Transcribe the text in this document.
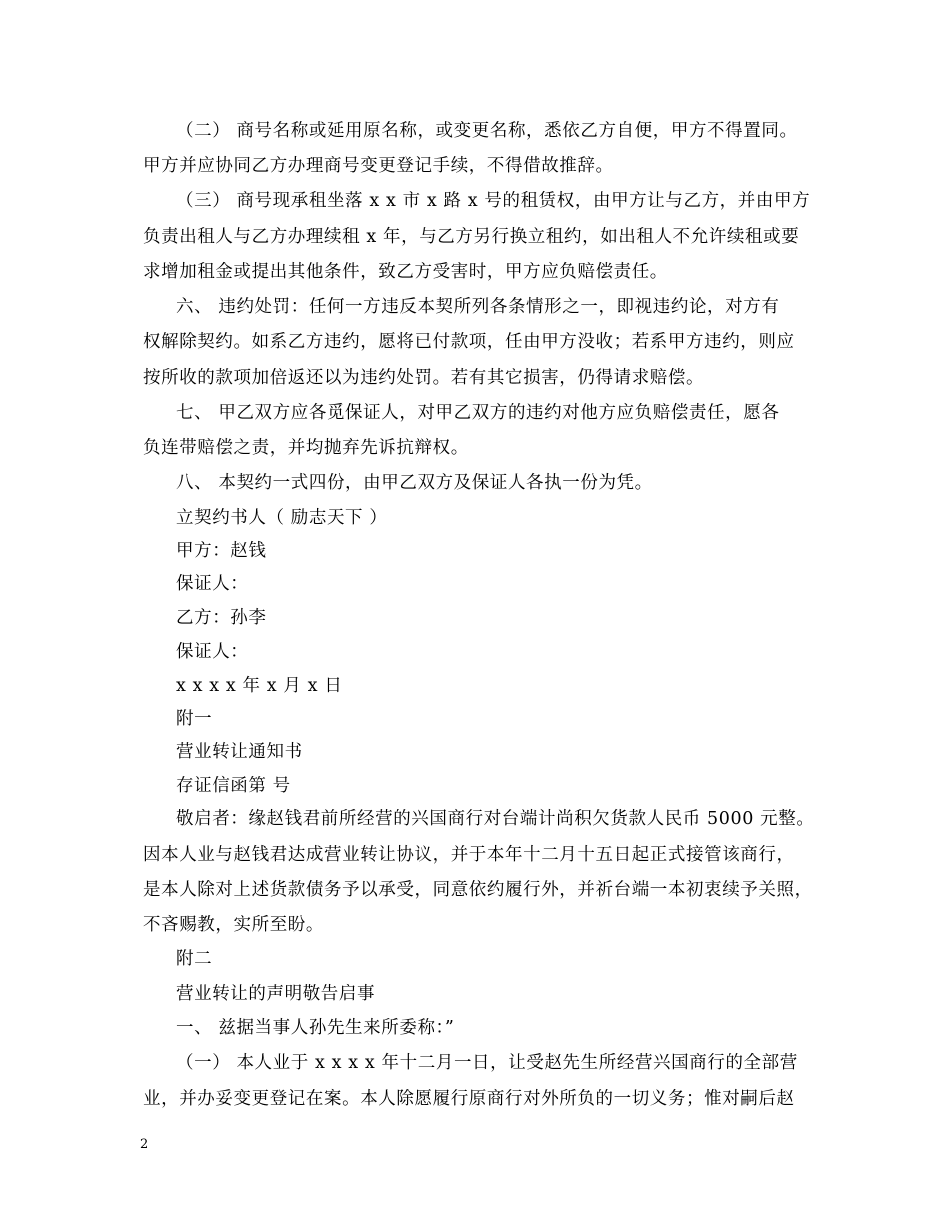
（二） 商号名称或延用原名称，或变更名称，悉依乙方自便，甲方不得置同。
甲方并应协同乙方办理商号变更登记手续，不得借故推辞。
（三） 商号现承租坐落 x x 市 x 路 x 号的租赁权，由甲方让与乙方，并由甲方
负责出租人与乙方办理续租 x 年，与乙方另行换立租约，如出租人不允许续租或要
求增加租金或提出其他条件，致乙方受害时，甲方应负赔偿责任。
六、 违约处罚：任何一方违反本契所列各条情形之一，即视违约论，对方有
权解除契约。如系乙方违约，愿将已付款项，任由甲方没收；若系甲方违约，则应
按所收的款项加倍返还以为违约处罚。若有其它损害，仍得请求赔偿。
七、 甲乙双方应各觅保证人，对甲乙双方的违约对他方应负赔偿责任，愿各
负连带赔偿之责，并均抛弃先诉抗辩权。
八、 本契约一式四份，由甲乙双方及保证人各执一份为凭。
立契约书人（ 励志天下 ）
甲方：赵钱
保证人：
乙方：孙李
保证人：
x x x x 年 x 月 x 日
附一
营业转让通知书
存证信函第 号
敬启者：缘赵钱君前所经营的兴国商行对台端计尚积欠货款人民币 5000 元整。
因本人业与赵钱君达成营业转让协议，并于本年十二月十五日起正式接管该商行，
是本人除对上述货款债务予以承受，同意依约履行外，并祈台端一本初衷续予关照，
不吝赐教，实所至盼。
附二
营业转让的声明敬告启事
一、 兹据当事人孙先生来所委称：”
（一） 本人业于 x x x x 年十二月一日，让受赵先生所经营兴国商行的全部营
业，并办妥变更登记在案。本人除愿履行原商行对外所负的一切义务；惟对嗣后赵
2
